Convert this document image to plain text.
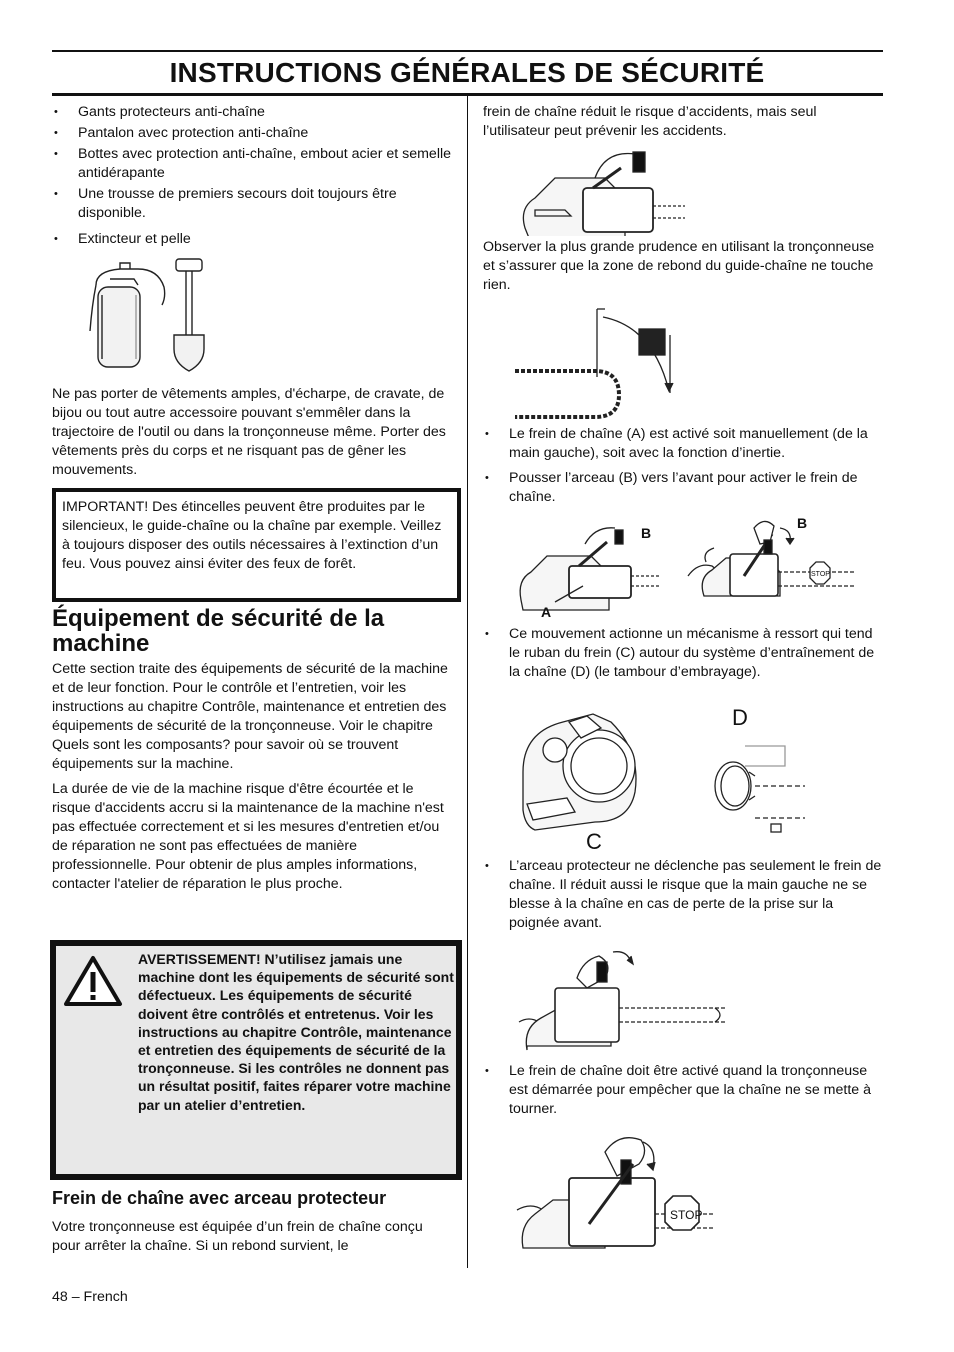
INSTRUCTIONS GÉNÉRALES DE SÉCURITÉ
• Gants protecteurs anti-chaîne
• Pantalon avec protection anti-chaîne
• Bottes avec protection anti-chaîne, embout acier et semelle antidérapante
• Une trousse de premiers secours doit toujours être disponible.
• Extincteur et pelle
Ne pas porter de vêtements amples, d'écharpe, de cravate, de bijou ou tout autre accessoire pouvant s'emmêler dans la trajectoire de l'outil ou dans la tronçonneuse même. Porter des vêtements près du corps et ne risquant pas de gêner les mouvements.
IMPORTANT! Des étincelles peuvent être produites par le silencieux, le guide-chaîne ou la chaîne par exemple. Veillez à toujours disposer des outils nécessaires à l’extinction d’un feu. Vous pouvez ainsi éviter des feux de forêt.
Équipement de sécurité de la machine

Cette section traite des équipements de sécurité de la machine et de leur fonction. Pour le contrôle et l’entretien, voir les instructions au chapitre Contrôle, maintenance et entretien des équipements de sécurité de la tronçonneuse. Voir le chapitre Quels sont les composants? pour savoir où se trouvent équipements sur la machine.

La durée de vie de la machine risque d'être écourtée et le risque d'accidents accru si la maintenance de la machine n'est pas effectuée correctement et si les mesures d'entretien et/ou de réparation ne sont pas effectuées de manière professionnelle. Pour obtenir de plus amples informations, contacter l'atelier de réparation le plus proche.

AVERTISSEMENT! N’utilisez jamais une machine dont les équipements de sécurité sont défectueux. Les équipements de sécurité doivent être contrôlés et entretenus. Voir les instructions au chapitre Contrôle, maintenance et entretien des équipements de sécurité de la tronçonneuse. Si les contrôles ne donnent pas un résultat positif, faites réparer votre machine par un atelier d’entretien.
Frein de chaîne avec arceau protecteur
Votre tronçonneuse est équipée d’un frein de chaîne conçu pour arrêter la chaîne. Si un rebond survient, le
48 – French
frein de chaîne réduit le risque d’accidents, mais seul l’utilisateur peut prévenir les accidents.
Observer la plus grande prudence en utilisant la tronçonneuse et s’assurer que la zone de rebond du guide-chaîne ne touche rien.
• Le frein de chaîne (A) est activé soit manuellement (de la main gauche), soit avec la fonction d’inertie.
• Pousser l’arceau (B) vers l’avant pour activer le frein de chaîne.
A
B
STOP
B
• Ce mouvement actionne un mécanisme à ressort qui tend le ruban du frein (C) autour du système d’entraînement de la chaîne (D) (le tambour d’embrayage).
C
D
• L’arceau protecteur ne déclenche pas seulement le frein de chaîne. Il réduit aussi le risque que la main gauche ne se blesse à la chaîne en cas de perte de la prise sur la poignée avant.
• Le frein de chaîne doit être activé quand la tronçonneuse est démarrée pour empêcher que la chaîne ne se mette à tourner.
STOP
